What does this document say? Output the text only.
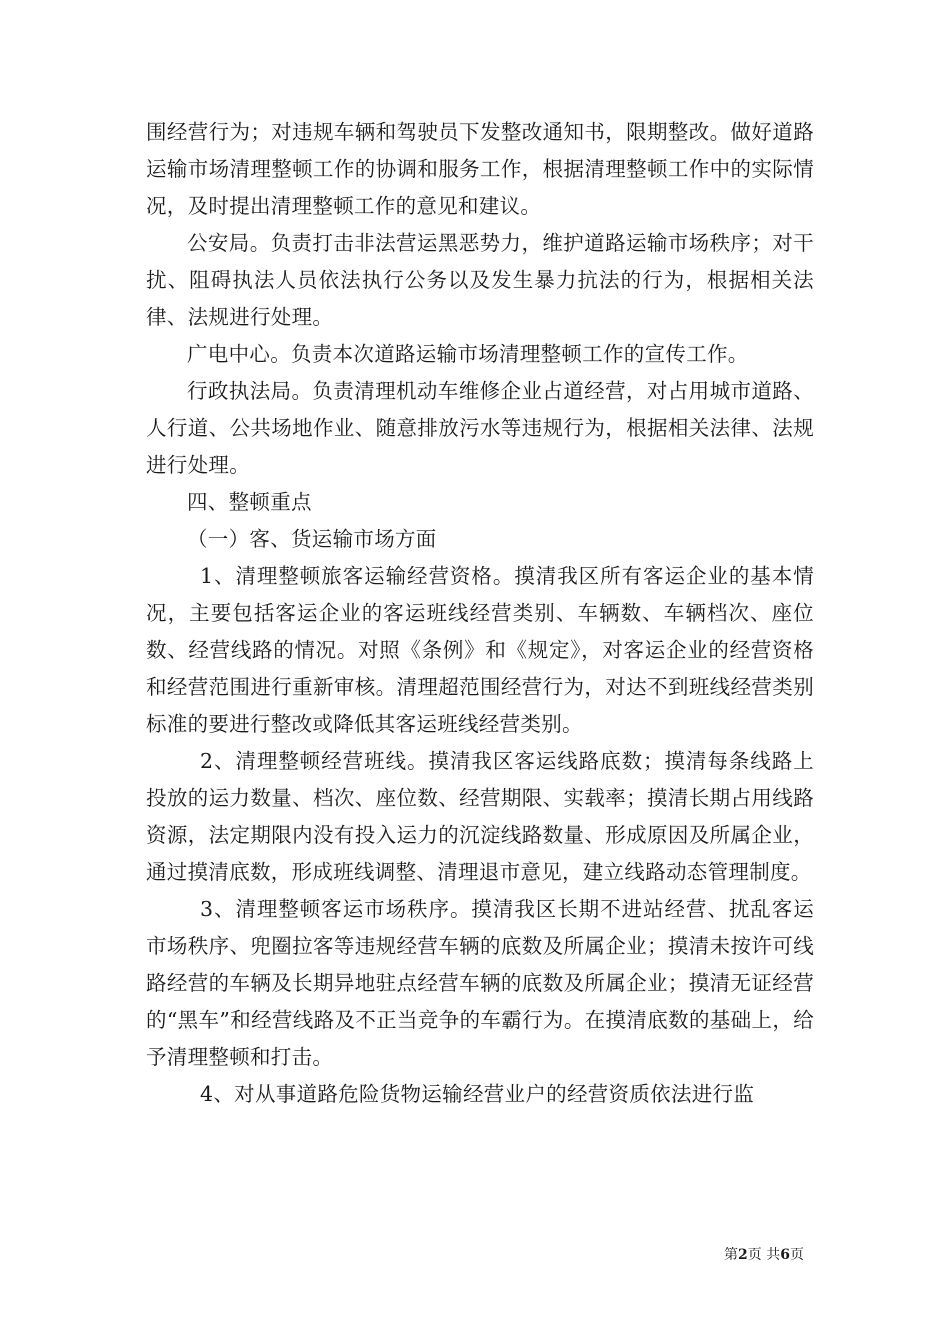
围经营行为；对违规车辆和驾驶员下发整改通知书，限期整改。做好道路运输市场清理整顿工作的协调和服务工作，根据清理整顿工作中的实际情况，及时提出清理整顿工作的意见和建议。

公安局。负责打击非法营运黑恶势力，维护道路运输市场秩序；对干扰、阻碍执法人员依法执行公务以及发生暴力抗法的行为，根据相关法律、法规进行处理。

广电中心。负责本次道路运输市场清理整顿工作的宣传工作。

行政执法局。负责清理机动车维修企业占道经营，对占用城市道路、人行道、公共场地作业、随意排放污水等违规行为，根据相关法律、法规进行处理。

四、整顿重点

（一）客、货运输市场方面

1、清理整顿旅客运输经营资格。摸清我区所有客运企业的基本情况，主要包括客运企业的客运班线经营类别、车辆数、车辆档次、座位数、经营线路的情况。对照《条例》和《规定》，对客运企业的经营资格和经营范围进行重新审核。清理超范围经营行为，对达不到班线经营类别标准的要进行整改或降低其客运班线经营类别。

2、清理整顿经营班线。摸清我区客运线路底数；摸清每条线路上投放的运力数量、档次、座位数、经营期限、实载率；摸清长期占用线路资源，法定期限内没有投入运力的沉淀线路数量、形成原因及所属企业，通过摸清底数，形成班线调整、清理退市意见，建立线路动态管理制度。

3、清理整顿客运市场秩序。摸清我区长期不进站经营、扰乱客运市场秩序、兜圈拉客等违规经营车辆的底数及所属企业；摸清未按许可线路经营的车辆及长期异地驻点经营车辆的底数及所属企业；摸清无证经营的“黑车”和经营线路及不正当竞争的车霸行为。在摸清底数的基础上，给予清理整顿和打击。

4、对从事道路危险货物运输经营业户的经营资质依法进行监

第2页 共6页
